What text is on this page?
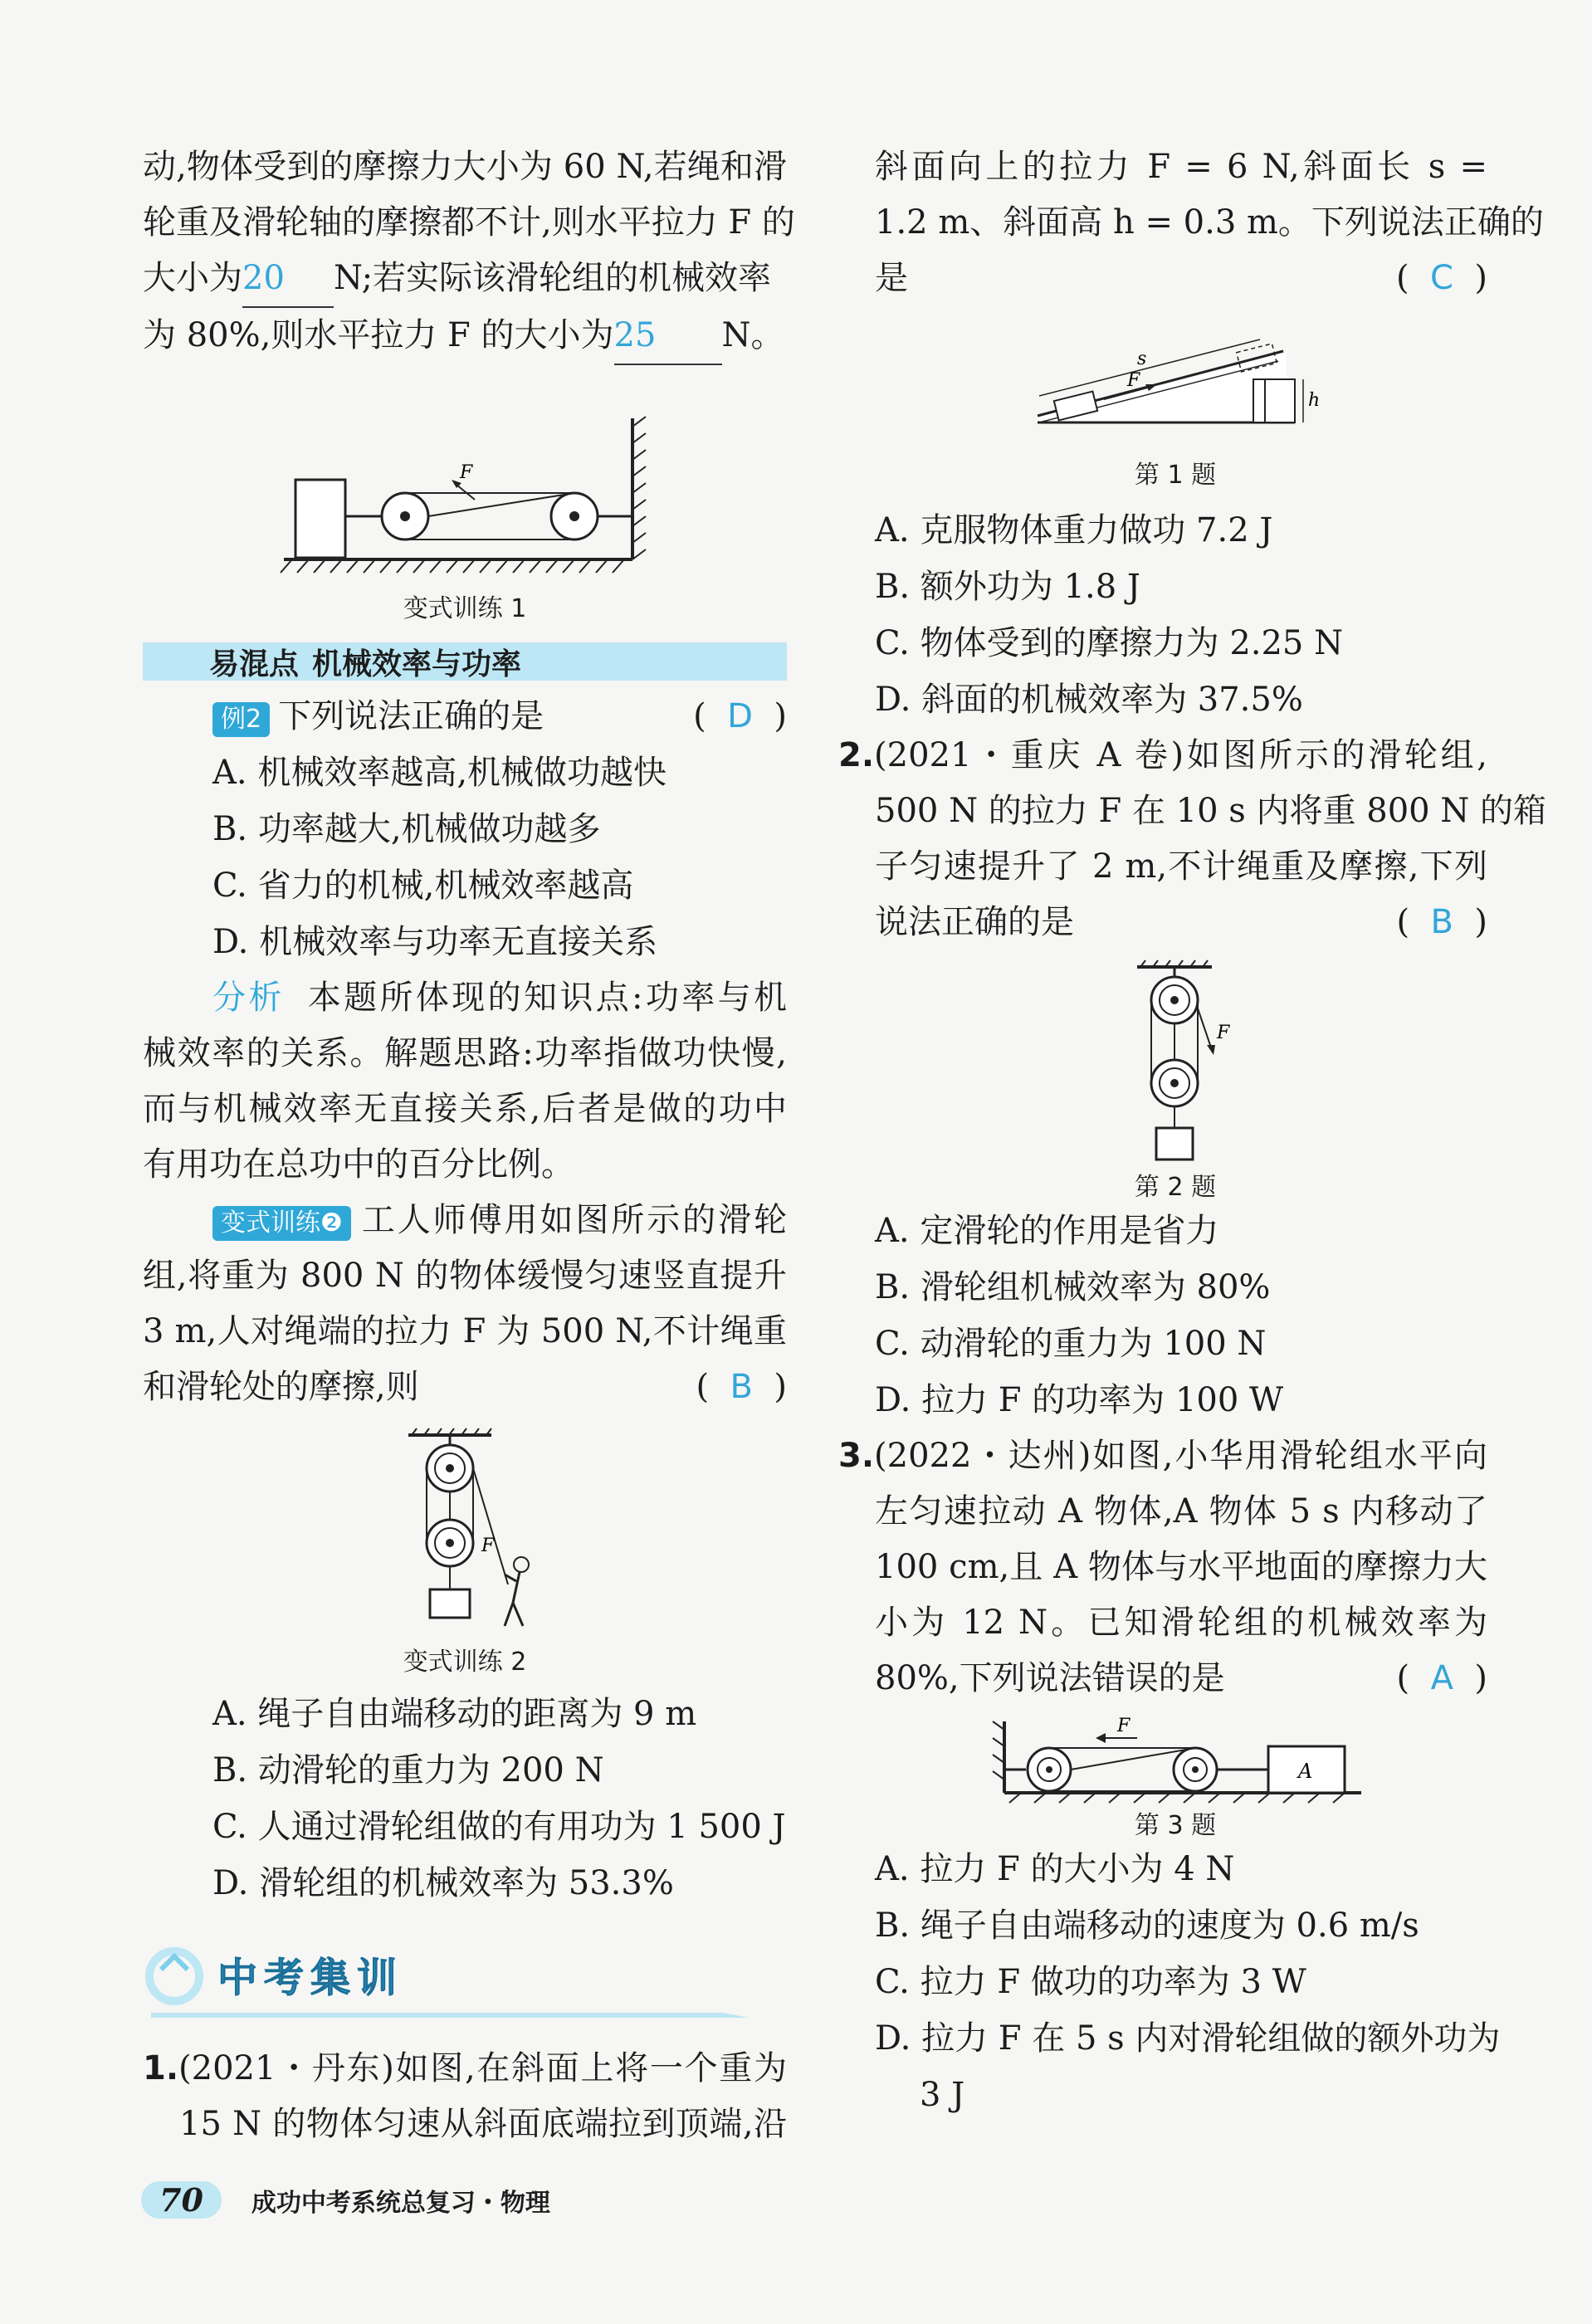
动,物体受到的摩擦力大小为 60 N,若绳和滑

轮重及滑轮轴的摩擦都不计,则水平拉力 F 的

大小为20 N;若实际该滑轮组的机械效率

为 80%,则水平拉力 F 的大小为25 N。

F

变式训练 1

易混点 机械效率与功率

例2 下列说法正确的是	(  D  )

A. 机械效率越高,机械做功越快

B. 功率越大,机械做功越多

C. 省力的机械,机械效率越高

D. 机械效率与功率无直接关系

分析 本题所体现的知识点:功率与机

械效率的关系。解题思路:功率指做功快慢,

而与机械效率无直接关系,后者是做的功中

有用功在总功中的百分比例。

变式训练❷ 工人师傅用如图所示的滑轮

组,将重为 800 N 的物体缓慢匀速竖直提升

3 m,人对绳端的拉力 F 为 500 N,不计绳重

和滑轮处的摩擦,则	(  B  )

F

变式训练 2

A. 绳子自由端移动的距离为 9 m

B. 动滑轮的重力为 200 N

C. 人通过滑轮组做的有用功为 1 500 J

D. 滑轮组的机械效率为 53.3%

中考集训

1.(2021・丹东)如图,在斜面上将一个重为

15 N 的物体匀速从斜面底端拉到顶端,沿

斜面向上的拉力 F = 6 N,斜面长 s =

1.2 m、斜面高 h = 0.3 m。下列说法正确的

是	(  C  )

F
s
h

第 1 题

A. 克服物体重力做功 7.2 J

B. 额外功为 1.8 J

C. 物体受到的摩擦力为 2.25 N

D. 斜面的机械效率为 37.5%

2.(2021・重庆 A 卷)如图所示的滑轮组,

500 N 的拉力 F 在 10 s 内将重 800 N 的箱

子匀速提升了 2 m,不计绳重及摩擦,下列

说法正确的是	(  B  )

F

第 2 题

A. 定滑轮的作用是省力

B. 滑轮组机械效率为 80%

C. 动滑轮的重力为 100 N

D. 拉力 F 的功率为 100 W

3.(2022・达州)如图,小华用滑轮组水平向

左匀速拉动 A 物体,A 物体 5 s 内移动了

100 cm,且 A 物体与水平地面的摩擦力大

小为 12 N。已知滑轮组的机械效率为

80%,下列说法错误的是	(  A  )

A
F

第 3 题

A. 拉力 F 的大小为 4 N

B. 绳子自由端移动的速度为 0.6 m/s

C. 拉力 F 做功的功率为 3 W

D. 拉力 F 在 5 s 内对滑轮组做的额外功为

3 J

70	成功中考系统总复习・物理
